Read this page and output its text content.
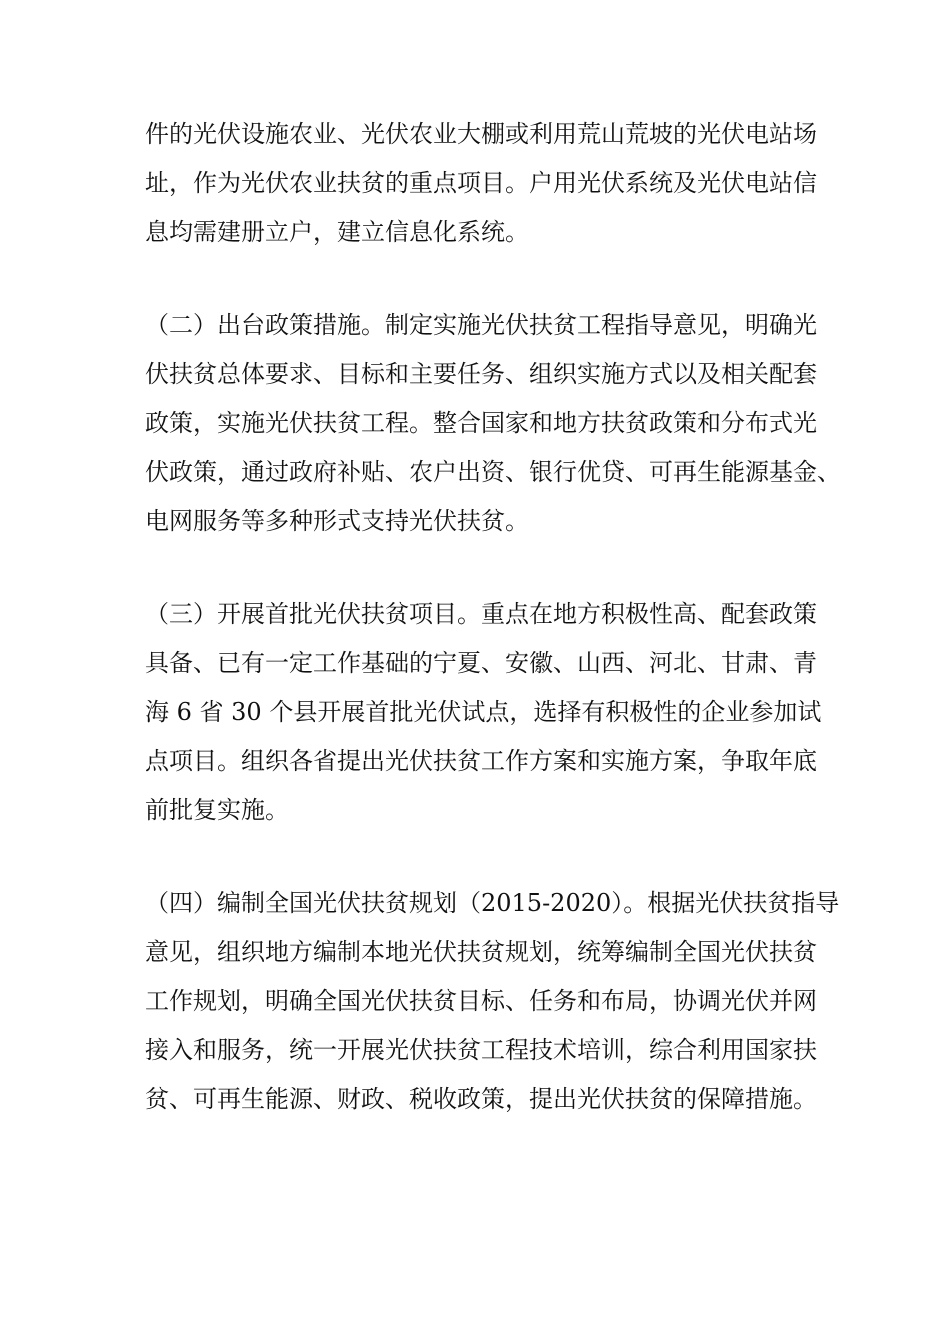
件的光伏设施农业、光伏农业大棚或利用荒山荒坡的光伏电站场
址，作为光伏农业扶贫的重点项目。户用光伏系统及光伏电站信
息均需建册立户，建立信息化系统。

（二）出台政策措施。制定实施光伏扶贫工程指导意见，明确光
伏扶贫总体要求、目标和主要任务、组织实施方式以及相关配套
政策，实施光伏扶贫工程。整合国家和地方扶贫政策和分布式光
伏政策，通过政府补贴、农户出资、银行优贷、可再生能源基金、
电网服务等多种形式支持光伏扶贫。

（三）开展首批光伏扶贫项目。重点在地方积极性高、配套政策
具备、已有一定工作基础的宁夏、安徽、山西、河北、甘肃、青
海 6 省 30 个县开展首批光伏试点，选择有积极性的企业参加试
点项目。组织各省提出光伏扶贫工作方案和实施方案，争取年底
前批复实施。

（四）编制全国光伏扶贫规划（2015-2020）。根据光伏扶贫指导
意见，组织地方编制本地光伏扶贫规划，统筹编制全国光伏扶贫
工作规划，明确全国光伏扶贫目标、任务和布局，协调光伏并网
接入和服务，统一开展光伏扶贫工程技术培训，综合利用国家扶
贫、可再生能源、财政、税收政策，提出光伏扶贫的保障措施。
